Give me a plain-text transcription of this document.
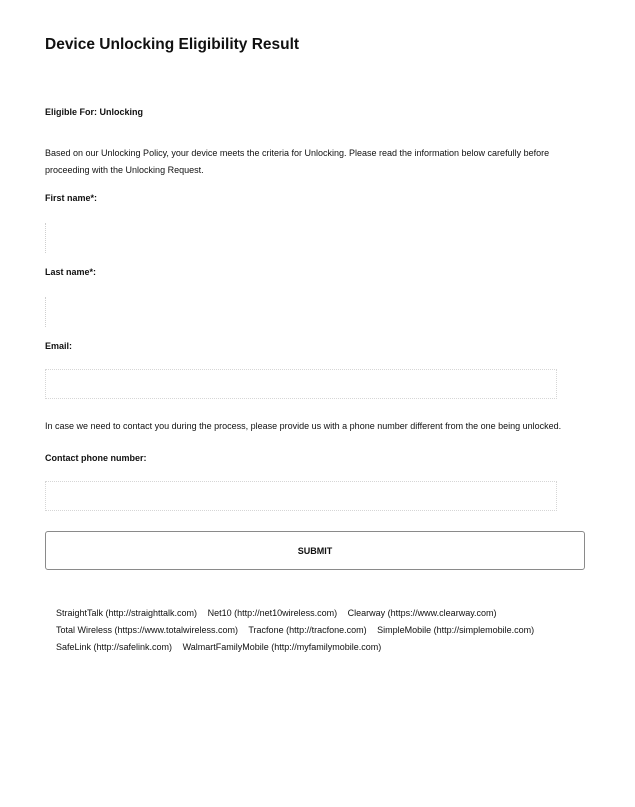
Device Unlocking Eligibility Result

Eligible For: Unlocking

Based on our Unlocking Policy, your device meets the criteria for Unlocking. Please read the information below carefully before proceeding with the Unlocking Request.

First name*:

Last name*:

Email:

In case we need to contact you during the process, please provide us with a phone number different from the one being unlocked.

Contact phone number:

SUBMIT
StraightTalk (http://straighttalk.com) Net10 (http://net10wireless.com) Clearway (https://www.clearway.com)
Total Wireless (https://www.totalwireless.com) Tracfone (http://tracfone.com) SimpleMobile (http://simplemobile.com)
SafeLink (http://safelink.com) WalmartFamilyMobile (http://myfamilymobile.com)
